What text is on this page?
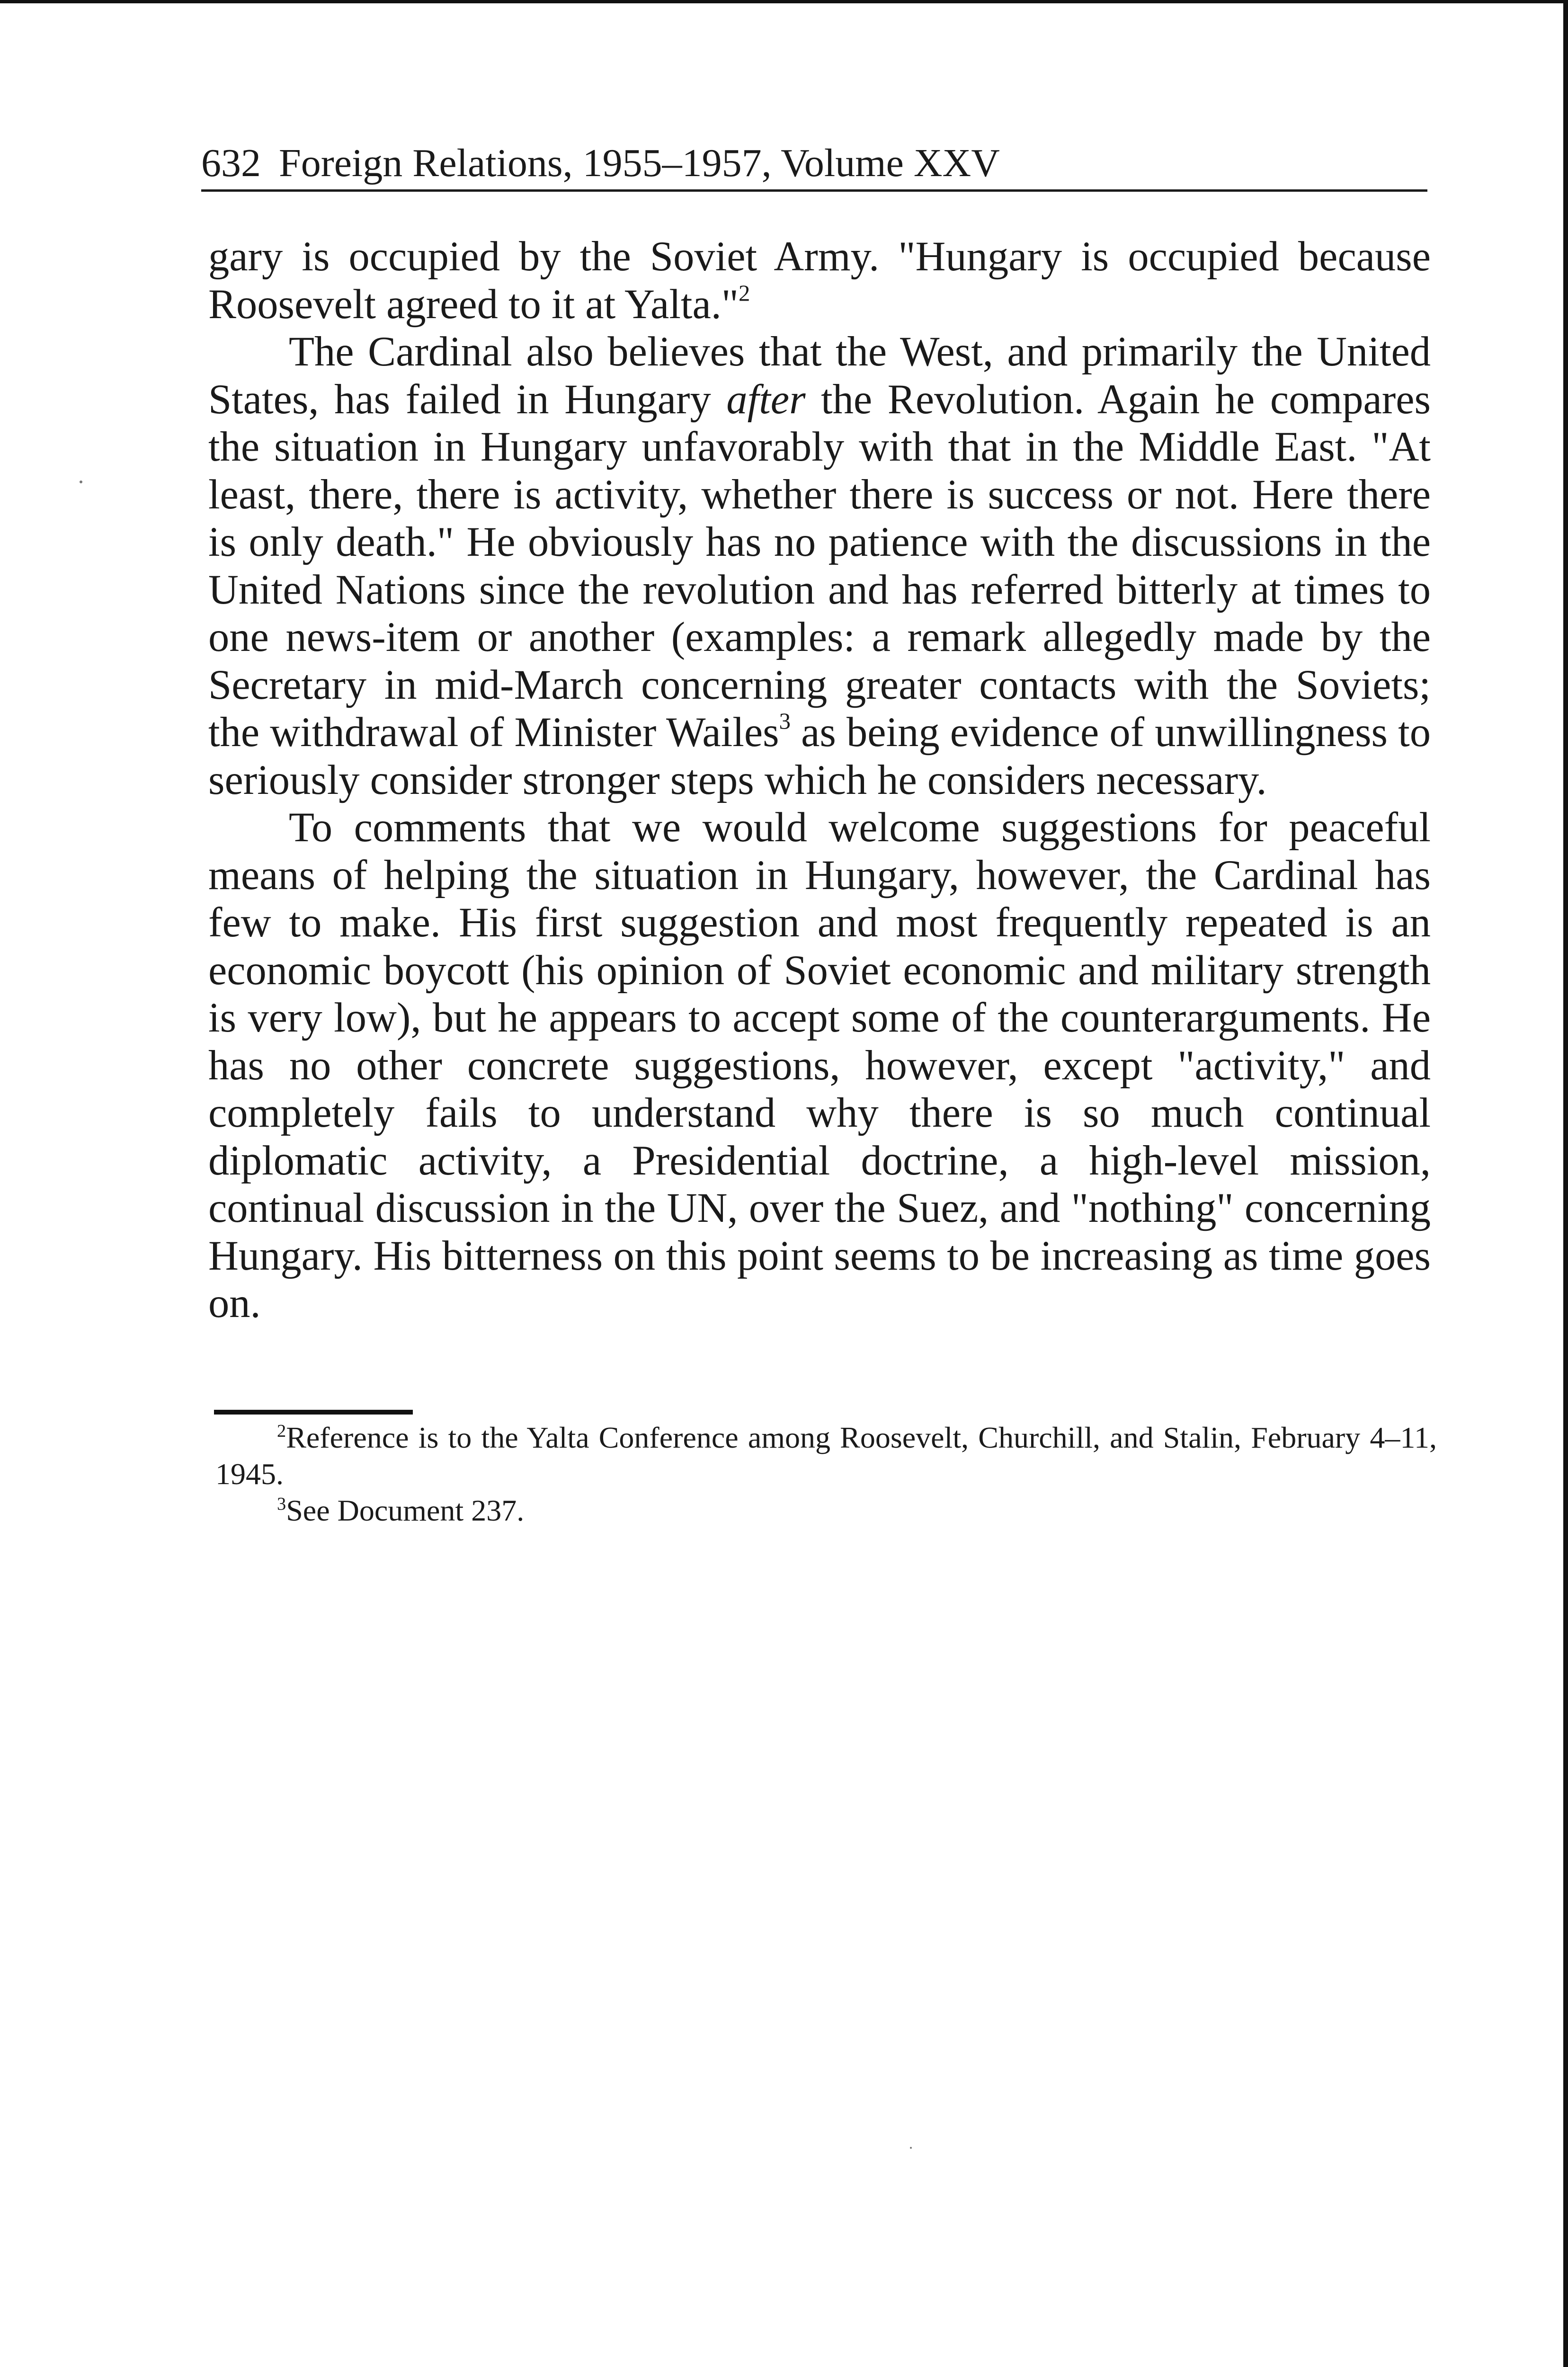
632 Foreign Relations, 1955–1957, Volume XXV

gary is occupied by the Soviet Army. "Hungary is occupied because Roosevelt agreed to it at Yalta."$^2$

The Cardinal also believes that the West, and primarily the United States, has failed in Hungary after the Revolution. Again he compares the situation in Hungary unfavorably with that in the Middle East. "At least, there, there is activity, whether there is success or not. Here there is only death." He obviously has no patience with the discussions in the United Nations since the revolution and has referred bitterly at times to one news-item or another (examples: a remark allegedly made by the Secretary in mid-March concerning greater contacts with the Soviets; the withdrawal of Minister Wailes$^3$ as being evidence of unwillingness to seriously consider stronger steps which he considers necessary.

To comments that we would welcome suggestions for peaceful means of helping the situation in Hungary, however, the Cardinal has few to make. His first suggestion and most frequently repeated is an economic boycott (his opinion of Soviet economic and military strength is very low), but he appears to accept some of the counterarguments. He has no other concrete suggestions, however, except "activity," and completely fails to understand why there is so much continual diplomatic activity, a Presidential doctrine, a high-level mission, continual discussion in the UN, over the Suez, and "nothing" concerning Hungary. His bitterness on this point seems to be increasing as time goes on.

$^2$Reference is to the Yalta Conference among Roosevelt, Churchill, and Stalin, February 4–11, 1945.

$^3$See Document 237.
